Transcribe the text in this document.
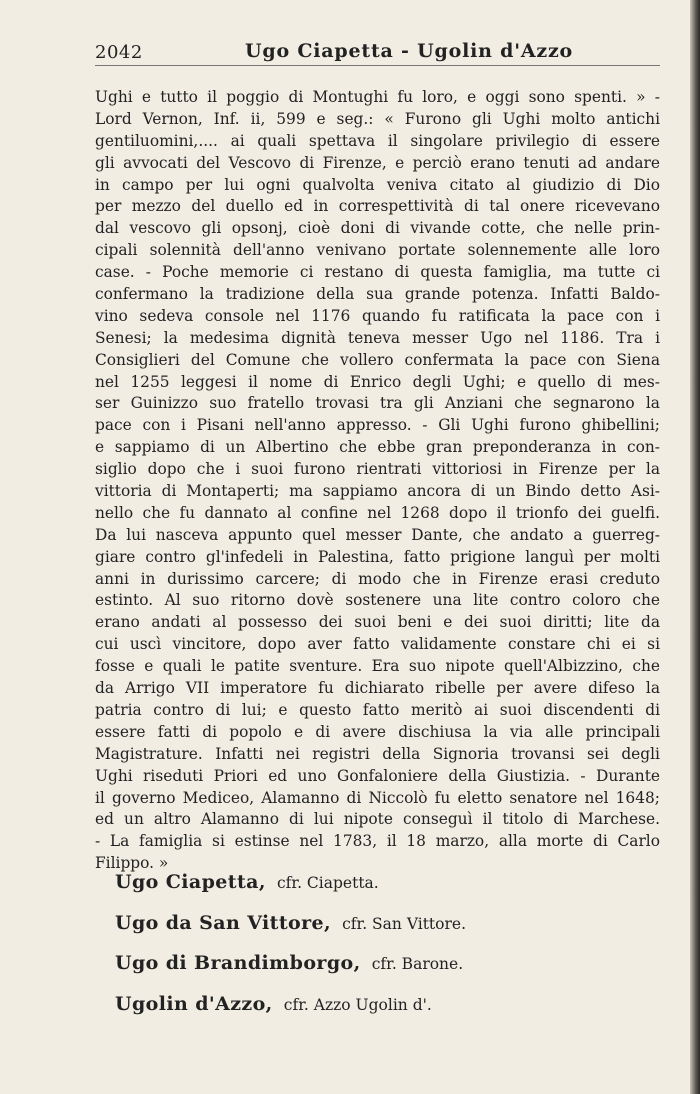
2042	Ugo Ciapetta - Ugolin d'Azzo
Ughi e tutto il poggio di Montughi fu loro, e oggi sono spenti. » -
Lord Vernon, Inf. ii, 599 e seg.: « Furono gli Ughi molto antichi
gentiluomini,.... ai quali spettava il singolare privilegio di essere
gli avvocati del Vescovo di Firenze, e perciò erano tenuti ad andare
in campo per lui ogni qualvolta veniva citato al giudizio di Dio
per mezzo del duello ed in correspettività di tal onere ricevevano
dal vescovo gli opsonj, cioè doni di vivande cotte, che nelle prin-
cipali solennità dell'anno venivano portate solennemente alle loro
case. - Poche memorie ci restano di questa famiglia, ma tutte ci
confermano la tradizione della sua grande potenza. Infatti Baldo-
vino sedeva console nel 1176 quando fu ratificata la pace con i
Senesi; la medesima dignità teneva messer Ugo nel 1186. Tra i
Consiglieri del Comune che vollero confermata la pace con Siena
nel 1255 leggesi il nome di Enrico degli Ughi; e quello di mes-
ser Guinizzo suo fratello trovasi tra gli Anziani che segnarono la
pace con i Pisani nell'anno appresso. - Gli Ughi furono ghibellini;
e sappiamo di un Albertino che ebbe gran preponderanza in con-
siglio dopo che i suoi furono rientrati vittoriosi in Firenze per la
vittoria di Montaperti; ma sappiamo ancora di un Bindo detto Asi-
nello che fu dannato al confine nel 1268 dopo il trionfo dei guelfi.
Da lui nasceva appunto quel messer Dante, che andato a guerreg-
giare contro gl'infedeli in Palestina, fatto prigione languì per molti
anni in durissimo carcere; di modo che in Firenze erasi creduto
estinto. Al suo ritorno dovè sostenere una lite contro coloro che
erano andati al possesso dei suoi beni e dei suoi diritti; lite da
cui uscì vincitore, dopo aver fatto validamente constare chi ei si
fosse e quali le patite sventure. Era suo nipote quell'Albizzino, che
da Arrigo VII imperatore fu dichiarato ribelle per avere difeso la
patria contro di lui; e questo fatto meritò ai suoi discendenti di
essere fatti di popolo e di avere dischiusa la via alle principali
Magistrature. Infatti nei registri della Signoria trovansi sei degli
Ughi riseduti Priori ed uno Gonfaloniere della Giustizia. - Durante
il governo Mediceo, Alamanno di Niccolò fu eletto senatore nel 1648;
ed un altro Alamanno di lui nipote conseguì il titolo di Marchese.
- La famiglia si estinse nel 1783, il 18 marzo, alla morte di Carlo
Filippo. »
Ugo Ciapetta, cfr. Ciapetta.
Ugo da San Vittore, cfr. San Vittore.
Ugo di Brandimborgo, cfr. Barone.
Ugolin d'Azzo, cfr. Azzo Ugolin d'.
